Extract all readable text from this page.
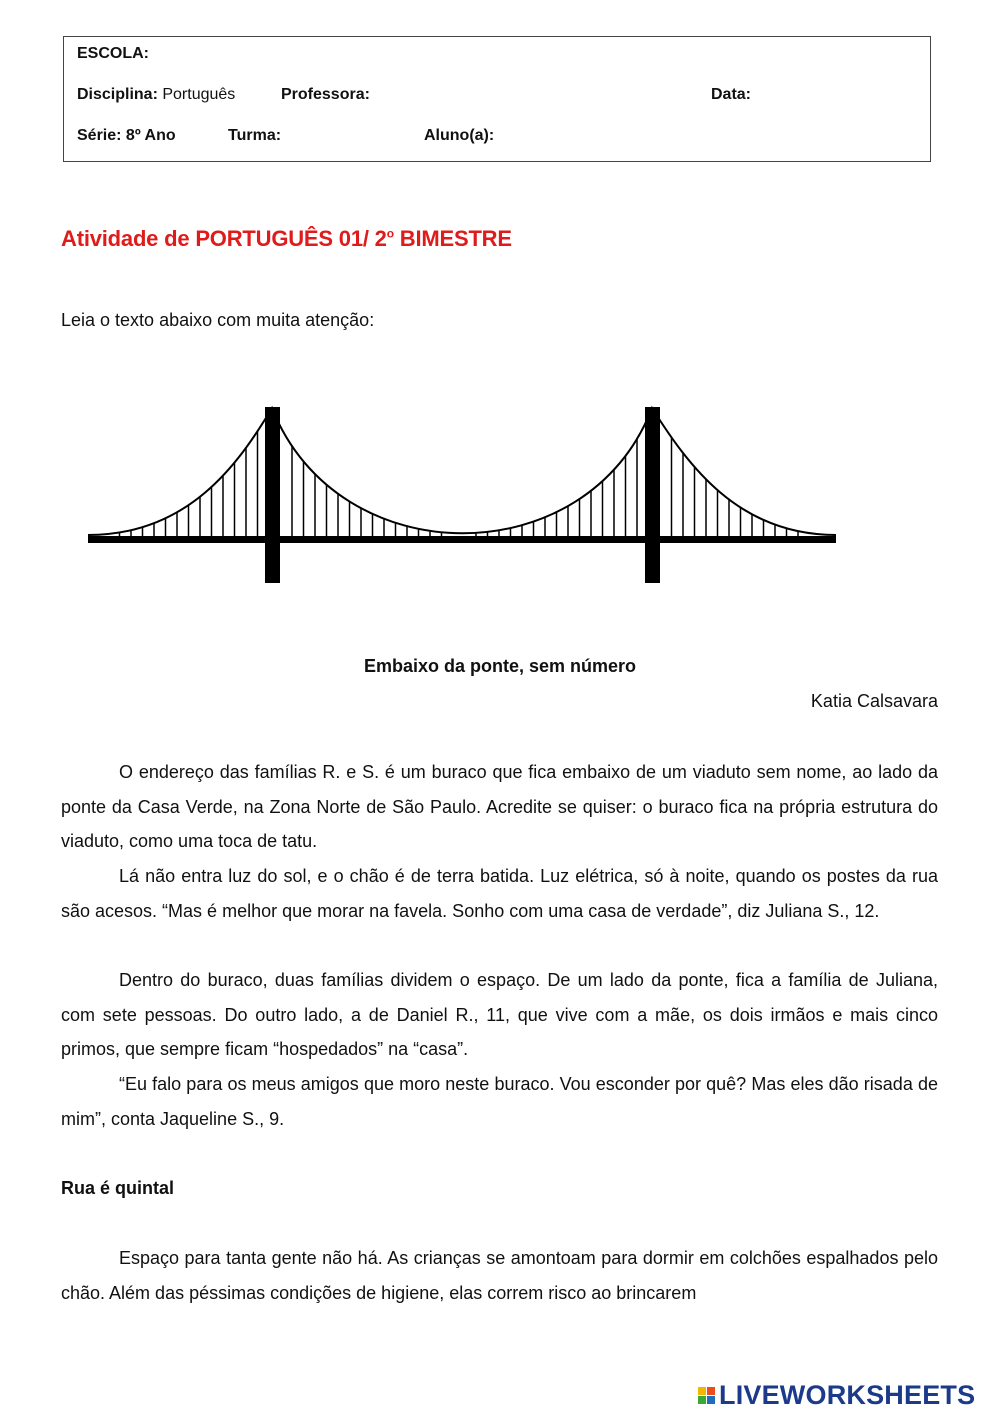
ESCOLA:
Disciplina: Português	Professora:	Data:
Série: 8º Ano	Turma:	Aluno(a):
Atividade de PORTUGUÊS 01/ 2$^o$ BIMESTRE
Leia o texto abaixo com muita atenção:
Embaixo da ponte, sem número
Katia Calsavara

O endereço das famílias R. e S. é um buraco que fica embaixo de um viaduto sem nome, ao lado da ponte da Casa Verde, na Zona Norte de São Paulo. Acredite se quiser: o buraco fica na própria estrutura do viaduto, como uma toca de tatu.

Lá não entra luz do sol, e o chão é de terra batida. Luz elétrica, só à noite, quando os postes da rua são acesos. “Mas é melhor que morar na favela. Sonho com uma casa de verdade”, diz Juliana S., 12.

Dentro do buraco, duas famílias dividem o espaço. De um lado da ponte, fica a família de Juliana, com sete pessoas. Do outro lado, a de Daniel R., 11, que vive com a mãe, os dois irmãos e mais cinco primos, que sempre ficam “hospedados” na “casa”.

“Eu falo para os meus amigos que moro neste buraco. Vou esconder por quê? Mas eles dão risada de mim”, conta Jaqueline S., 9.

Rua é quintal

Espaço para tanta gente não há. As crianças se amontoam para dormir em colchões espalhados pelo chão. Além das péssimas condições de higiene, elas correm risco ao brincarem

LIVEWORKSHEETS
